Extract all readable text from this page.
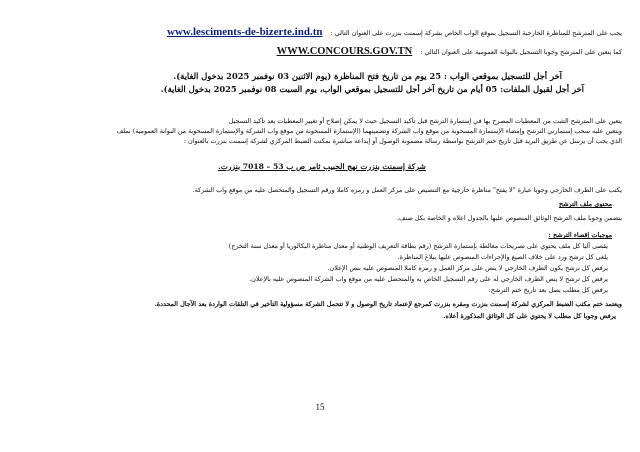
يجب على المترشح للمناظرة الخارجية التسجيل بموقع الواب الخاص بشركة إسمنت بنزرت على العنوان التالي :
www.lesciments-de-bizerte.ind.tn
كما يتعين على المترشح وجوبا التسجيل بالبوابة العمومية على العنوان التالي :
WWW.CONCOURS.GOV.TN

آخر أجل للتسجيل بموقعي الواب : 25 يوم من تاريخ فتح المناظرة (يوم الاثنين 03 نوفمبر 2025 بدخول الغاية).

آخر أجل لقبول الملفات: 05 أيام من تاريخ آخر أجل للتسجيل بموقعي الواب، يوم السبت 08 نوفمبر 2025 بدخول الغاية).

يتعين على المترشح التثبت من المعطيات المصرح بها في إستمارة الترشح قبل تأكيد التسجيل حيث لا يمكن إصلاح أو تغيير المعطيات بعد تأكيد التسجيل

ويتعين عليه سحب إستمارتي الترشح وإمضاء الإستمارة المسحوبة من موقع واب الشركة وتضمينهما (الإستمارة المسحوبة من موقع واب الشركة والإستمارة المسحوبة من البوابة العمومية) بملف

الذي يجب أن يرسل عن طريق البريد قبل تاريخ ختم الترشح بواسطة رسالة مضمونة الوصول أو إيداعه مباشرة بمكتب الضبط المركزي لشركة إسمنت بنزرت بالعنوان :

شركة إسمنت بنزرت نهج الحبيب ثامر ص ب 53 – 7018 بنزرت.

يكتب على الظرف الخارجي وجوبا عبارة "لا يفتح" مناظرة خارجية مع التنصيص على مركز العمل و رمزه كاملا ورقم التسجيل والمتحصل عليه من موقع واب الشركة.

محتوى ملف الترشح

يتضمن وجوبا ملف الترشح الوثائق المنصوص عليها بالجدول اعلاه و الخاصة بكل صنف.

موجبات إقصاء الترشح :

يقصى آليا كل ملف يحتوي على تصريحات مغالطة بإستمارة الترشح (رقم بطاقة التعريف الوطنية أو معدل مناظرة البكالوريا أو معدل سنة التخرج)

يلغى كل ترشح ورد على خلاف الصيغ والإجراءات المنصوص عليها ببلاغ المناظرة.

يرفض كل ترشح يكون الظرف الخارجي لا ينص على مركز العمل و رمزه كاملا المنصوص عليه بنص الإعلان.

يرفض كل ترشح لا ينص الظرف الخارجي له على رقم التسجيل الخاص به والمتحصل عليه من موقع واب الشركة المنصوص عليه بالإعلان.

يرفض كل مطلب يصل بعد تاريخ ختم الترشح.

ويعتمد ختم مكتب الضبط المركزي لشركة إسمنت بنزرت ومقره بنزرت كمرجع لإعتماد تاريخ الوصول و لا تتحمل الشركة مسؤولية التأخير في التلقات الواردة بعد الآجال المحددة.

يرفض وجوبا كل مطلب لا يحتوي على كل الوثائق المذكورة أعلاه.

15
